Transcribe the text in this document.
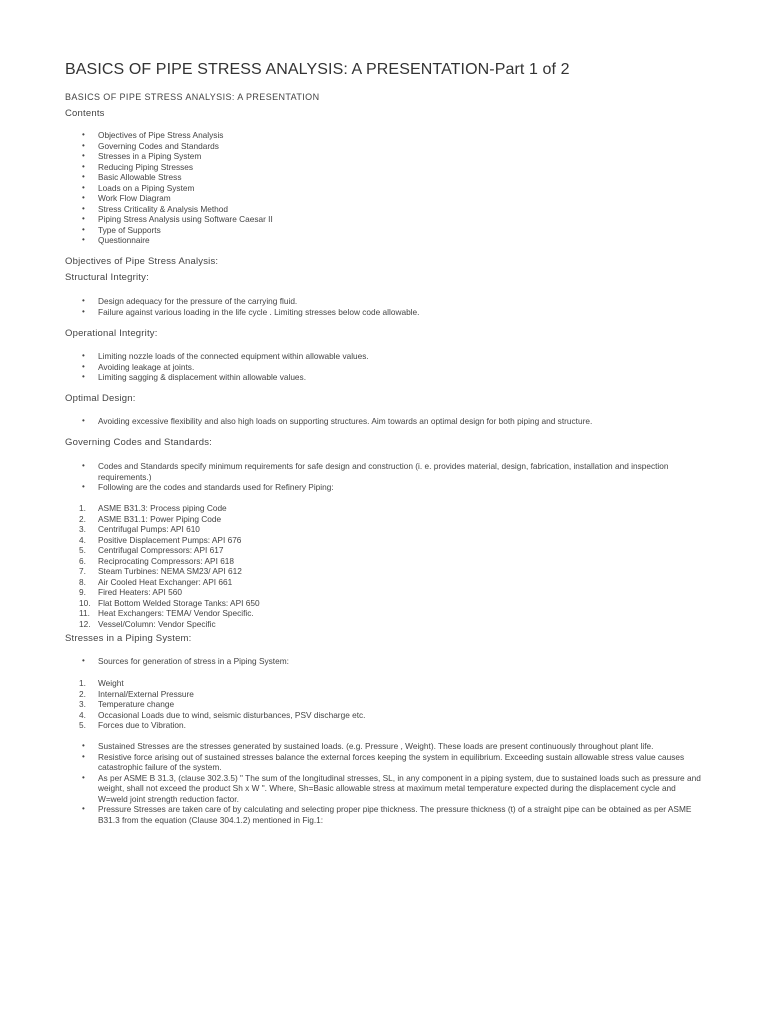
BASICS OF PIPE STRESS ANALYSIS: A PRESENTATION-Part 1 of 2
BASICS OF PIPE STRESS ANALYSIS: A PRESENTATION
Contents
• Objectives of Pipe Stress Analysis
• Governing Codes and Standards
• Stresses in a Piping System
• Reducing Piping Stresses
• Basic Allowable Stress
• Loads on a Piping System
• Work Flow Diagram
• Stress Criticality & Analysis Method
• Piping Stress Analysis using Software Caesar II
• Type of Supports
• Questionnaire
Objectives of Pipe Stress Analysis:
Structural Integrity:
• Design adequacy for the pressure of the carrying fluid.
• Failure against various loading in the life cycle . Limiting stresses below code allowable.
Operational Integrity:
• Limiting nozzle loads of the connected equipment within allowable values.
• Avoiding leakage at joints.
• Limiting sagging & displacement within allowable values.
Optimal Design:
• Avoiding excessive flexibility and also high loads on supporting structures. Aim towards an optimal design for both piping and structure.
Governing Codes and Standards:
• Codes and Standards specify minimum requirements for safe design and construction (i. e. provides material, design, fabrication, installation and inspection requirements.)
• Following are the codes and standards used for Refinery Piping:
1. ASME B31.3: Process piping Code
2. ASME B31.1: Power Piping Code
3. Centrifugal Pumps: API 610
4. Positive Displacement Pumps: API 676
5. Centrifugal Compressors: API 617
6. Reciprocating Compressors: API 618
7. Steam Turbines: NEMA SM23/ API 612
8. Air Cooled Heat Exchanger: API 661
9. Fired Heaters: API 560
10. Flat Bottom Welded Storage Tanks: API 650
11. Heat Exchangers: TEMA/ Vendor Specific.
12. Vessel/Column: Vendor Specific
Stresses in a Piping System:
• Sources for generation of stress in a Piping System:
1. Weight
2. Internal/External Pressure
3. Temperature change
4. Occasional Loads due to wind, seismic disturbances, PSV discharge etc.
5. Forces due to Vibration.
• Sustained Stresses are the stresses generated by sustained loads. (e.g. Pressure , Weight). These loads are present continuously throughout plant life.
• Resistive force arising out of sustained stresses balance the external forces keeping the system in equilibrium. Exceeding sustain allowable stress value causes catastrophic failure of the system.
• As per ASME B 31.3, (clause 302.3.5) " The sum of the longitudinal stresses, SL, in any component in a piping system, due to sustained loads such as pressure and weight, shall not exceed the product Sh x W ". Where, Sh=Basic allowable stress at maximum metal temperature expected during the displacement cycle and W=weld joint strength reduction factor.
• Pressure Stresses are taken care of by calculating and selecting proper pipe thickness. The pressure thickness (t) of a straight pipe can be obtained as per ASME B31.3 from the equation (Clause 304.1.2) mentioned in Fig.1:
